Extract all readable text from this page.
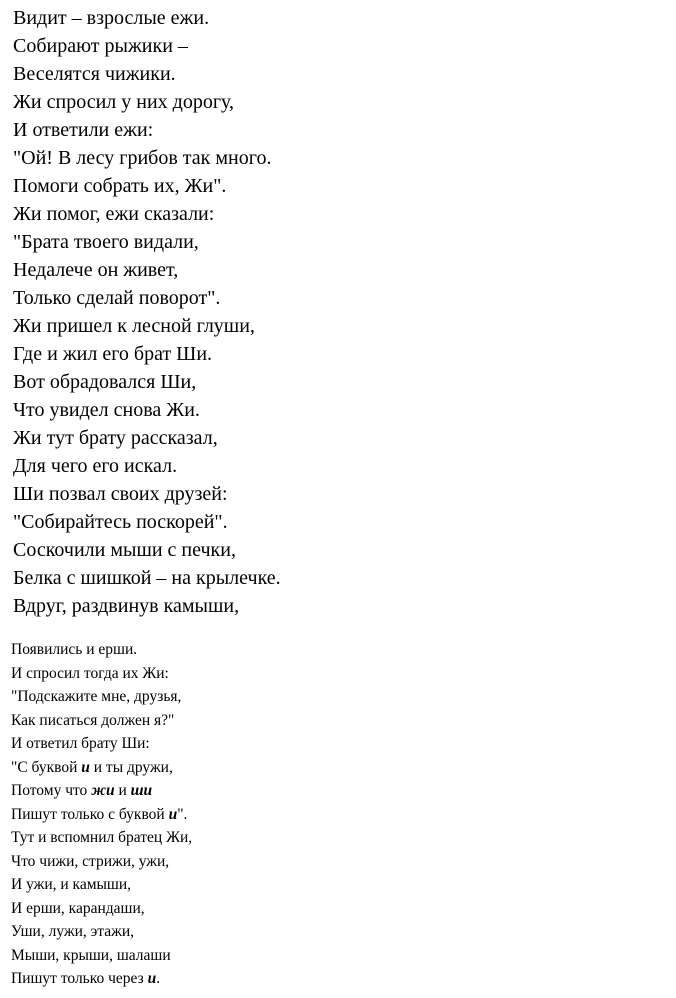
Видит – взрослые ежи.
Собирают рыжики –
Веселятся чижики.
Жи спросил у них дорогу,
И ответили ежи:
"Ой! В лесу грибов так много.
Помоги собрать их, Жи".
Жи помог, ежи сказали:
"Брата твоего видали,
Недалече он живет,
Только сделай поворот".
Жи пришел к лесной глуши,
Где и жил его брат Ши.
Вот обрадовался Ши,
Что увидел снова Жи.
Жи тут брату рассказал,
Для чего его искал.
Ши позвал своих друзей:
"Собирайтесь поскорей".
Соскочили мыши с печки,
Белка с шишкой – на крылечке.
Вдруг, раздвинув камыши,
Появились и ерши.
И спросил тогда их Жи:
"Подскажите мне, друзья,
Как писаться должен я?"
И ответил брату Ши:
"С буквой и и ты дружи,
Потому что жи и ши
Пишут только с буквой и".
Тут и вспомнил братец Жи,
Что чижи, стрижи, ужи,
И ужи, и камыши,
И ерши, карандаши,
Уши, лужи, этажи,
Мыши, крыши, шалаши
Пишут только через и.
